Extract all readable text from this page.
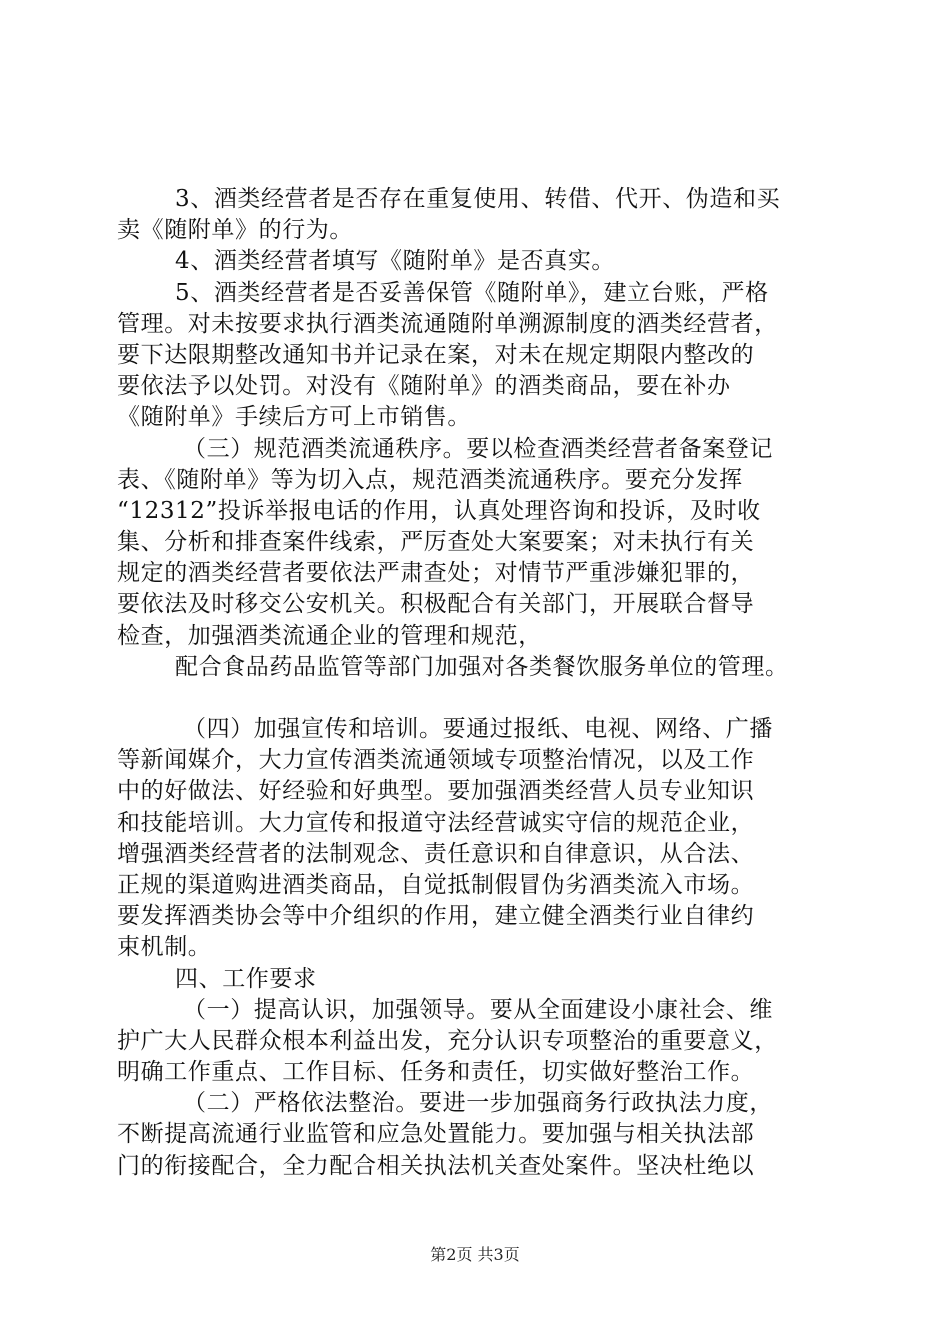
3、酒类经营者是否存在重复使用、转借、代开、伪造和买
卖《随附单》的行为。
4、酒类经营者填写《随附单》是否真实。
5、酒类经营者是否妥善保管《随附单》，建立台账，严格
管理。对未按要求执行酒类流通随附单溯源制度的酒类经营者，
要下达限期整改通知书并记录在案，对未在规定期限内整改的
要依法予以处罚。对没有《随附单》的酒类商品，要在补办
《随附单》手续后方可上市销售。
（三）规范酒类流通秩序。要以检查酒类经营者备案登记
表、《随附单》等为切入点，规范酒类流通秩序。要充分发挥
“12312”投诉举报电话的作用，认真处理咨询和投诉，及时收
集、分析和排查案件线索，严厉查处大案要案；对未执行有关
规定的酒类经营者要依法严肃查处；对情节严重涉嫌犯罪的，
要依法及时移交公安机关。积极配合有关部门，开展联合督导
检查，加强酒类流通企业的管理和规范，
配合食品药品监管等部门加强对各类餐饮服务单位的管理。
（四）加强宣传和培训。要通过报纸、电视、网络、广播
等新闻媒介，大力宣传酒类流通领域专项整治情况，以及工作
中的好做法、好经验和好典型。要加强酒类经营人员专业知识
和技能培训。大力宣传和报道守法经营诚实守信的规范企业，
增强酒类经营者的法制观念、责任意识和自律意识，从合法、
正规的渠道购进酒类商品，自觉抵制假冒伪劣酒类流入市场。
要发挥酒类协会等中介组织的作用，建立健全酒类行业自律约
束机制。
四、工作要求
（一）提高认识，加强领导。要从全面建设小康社会、维
护广大人民群众根本利益出发，充分认识专项整治的重要意义，
明确工作重点、工作目标、任务和责任，切实做好整治工作。
（二）严格依法整治。要进一步加强商务行政执法力度，
不断提高流通行业监管和应急处置能力。要加强与相关执法部
门的衔接配合，全力配合相关执法机关查处案件。坚决杜绝以
第2页 共3页
